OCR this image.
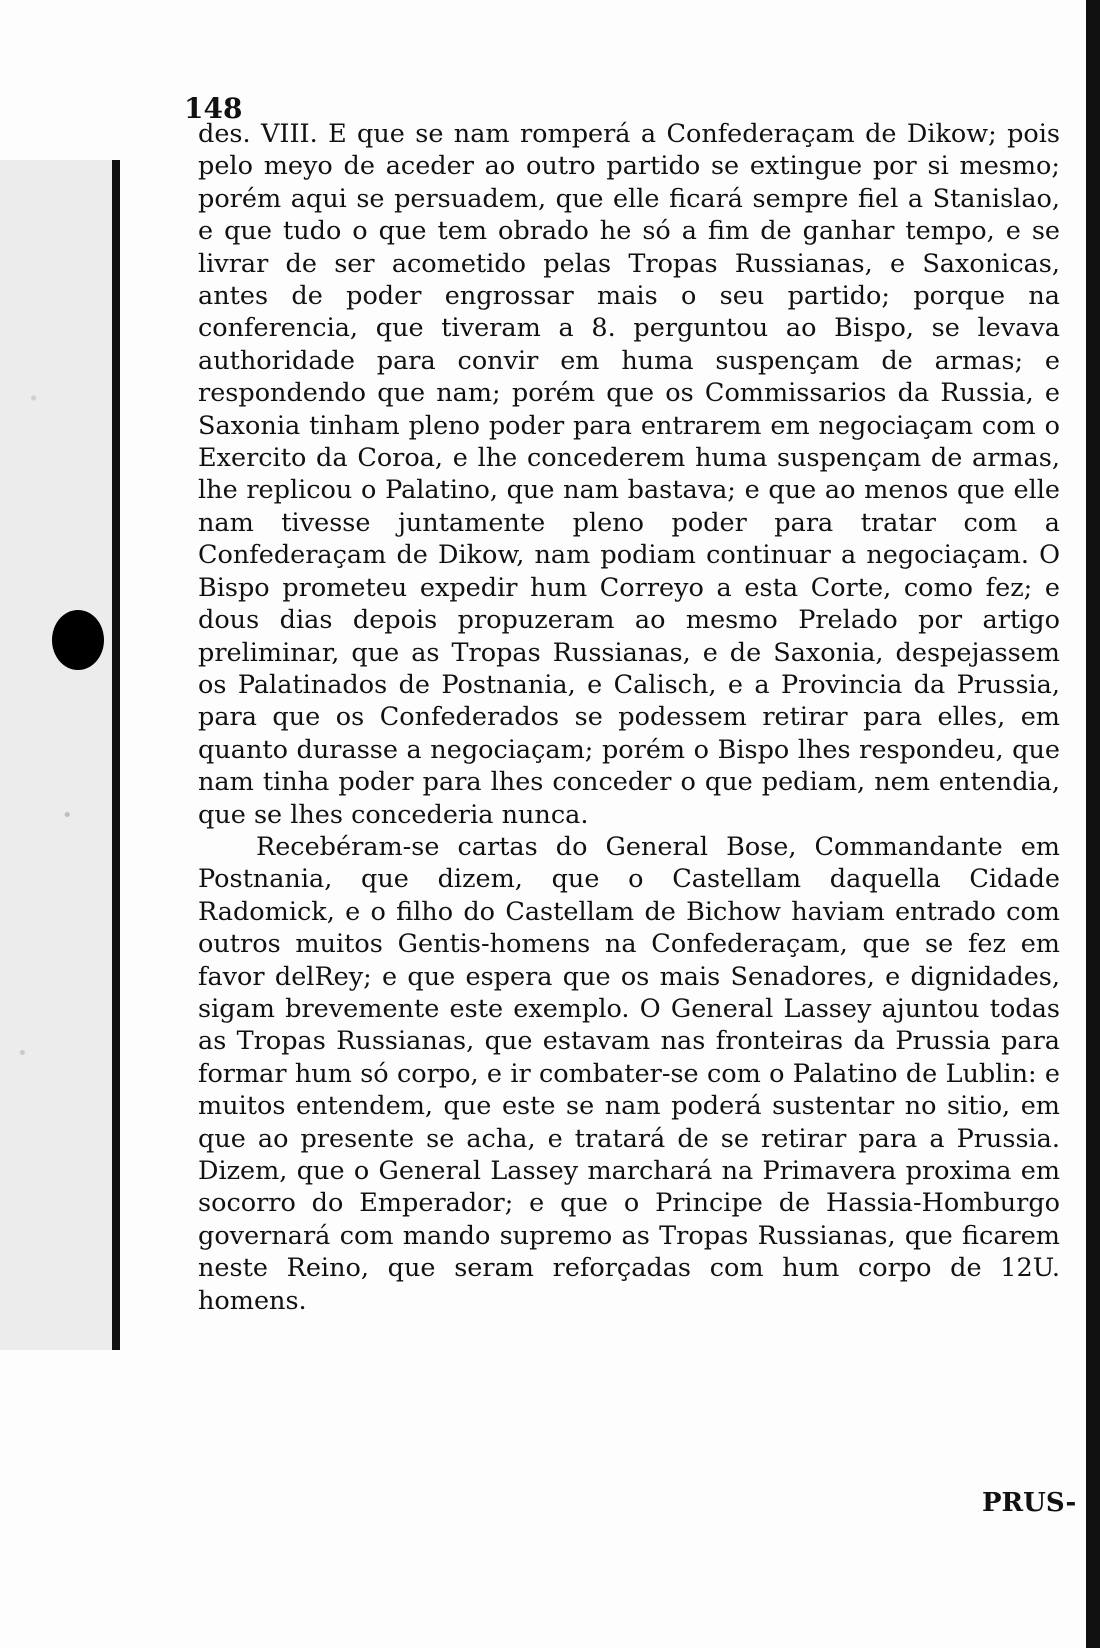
148

des. VIII. E que se nam romperá a Confederaçam de Dikow; pois pelo meyo de aceder ao outro partido se extingue por si mesmo; porém aqui se persuadem, que elle ficará sempre fiel a Stanislao, e que tudo o que tem obrado he só a fim de ganhar tempo, e se livrar de ser acometido pelas Tropas Russianas, e Saxonicas, antes de poder engrossar mais o seu partido; porque na conferencia, que tiveram a 8. perguntou ao Bispo, se levava authoridade para convir em huma suspençam de armas; e respondendo que nam; porém que os Commissarios da Russia, e Saxonia tinham pleno poder para entrarem em negociaçam com o Exercito da Coroa, e lhe concederem huma suspençam de armas, lhe replicou o Palatino, que nam bastava; e que ao menos que elle nam tivesse juntamente pleno poder para tratar com a Confederaçam de Dikow, nam podiam continuar a negociaçam. O Bispo prometeu expedir hum Correyo a esta Corte, como fez; e dous dias depois propuzeram ao mesmo Prelado por artigo preliminar, que as Tropas Russianas, e de Saxonia, despejassem os Palatinados de Postnania, e Calisch, e a Provincia da Prussia, para que os Confederados se podessem retirar para elles, em quanto durasse a negociaçam; porém o Bispo lhes respondeu, que nam tinha poder para lhes conceder o que pediam, nem entendia, que se lhes concederia nunca.

Recebéram-se cartas do General Bose, Commandante em Postnania, que dizem, que o Castellam daquella Cidade Radomick, e o filho do Castellam de Bichow haviam entrado com outros muitos Gentis-homens na Confederaçam, que se fez em favor delRey; e que espera que os mais Senadores, e dignidades, sigam brevemente este exemplo. O General Lassey ajuntou todas as Tropas Russianas, que estavam nas fronteiras da Prussia para formar hum só corpo, e ir combater-se com o Palatino de Lublin: e muitos entendem, que este se nam poderá sustentar no sitio, em que ao presente se acha, e tratará de se retirar para a Prussia. Dizem, que o General Lassey marchará na Primavera proxima em socorro do Emperador; e que o Principe de Hassia-Homburgo governará com mando supremo as Tropas Russianas, que ficarem neste Reino, que seram reforçadas com hum corpo de 12U. homens.

PRUS-
